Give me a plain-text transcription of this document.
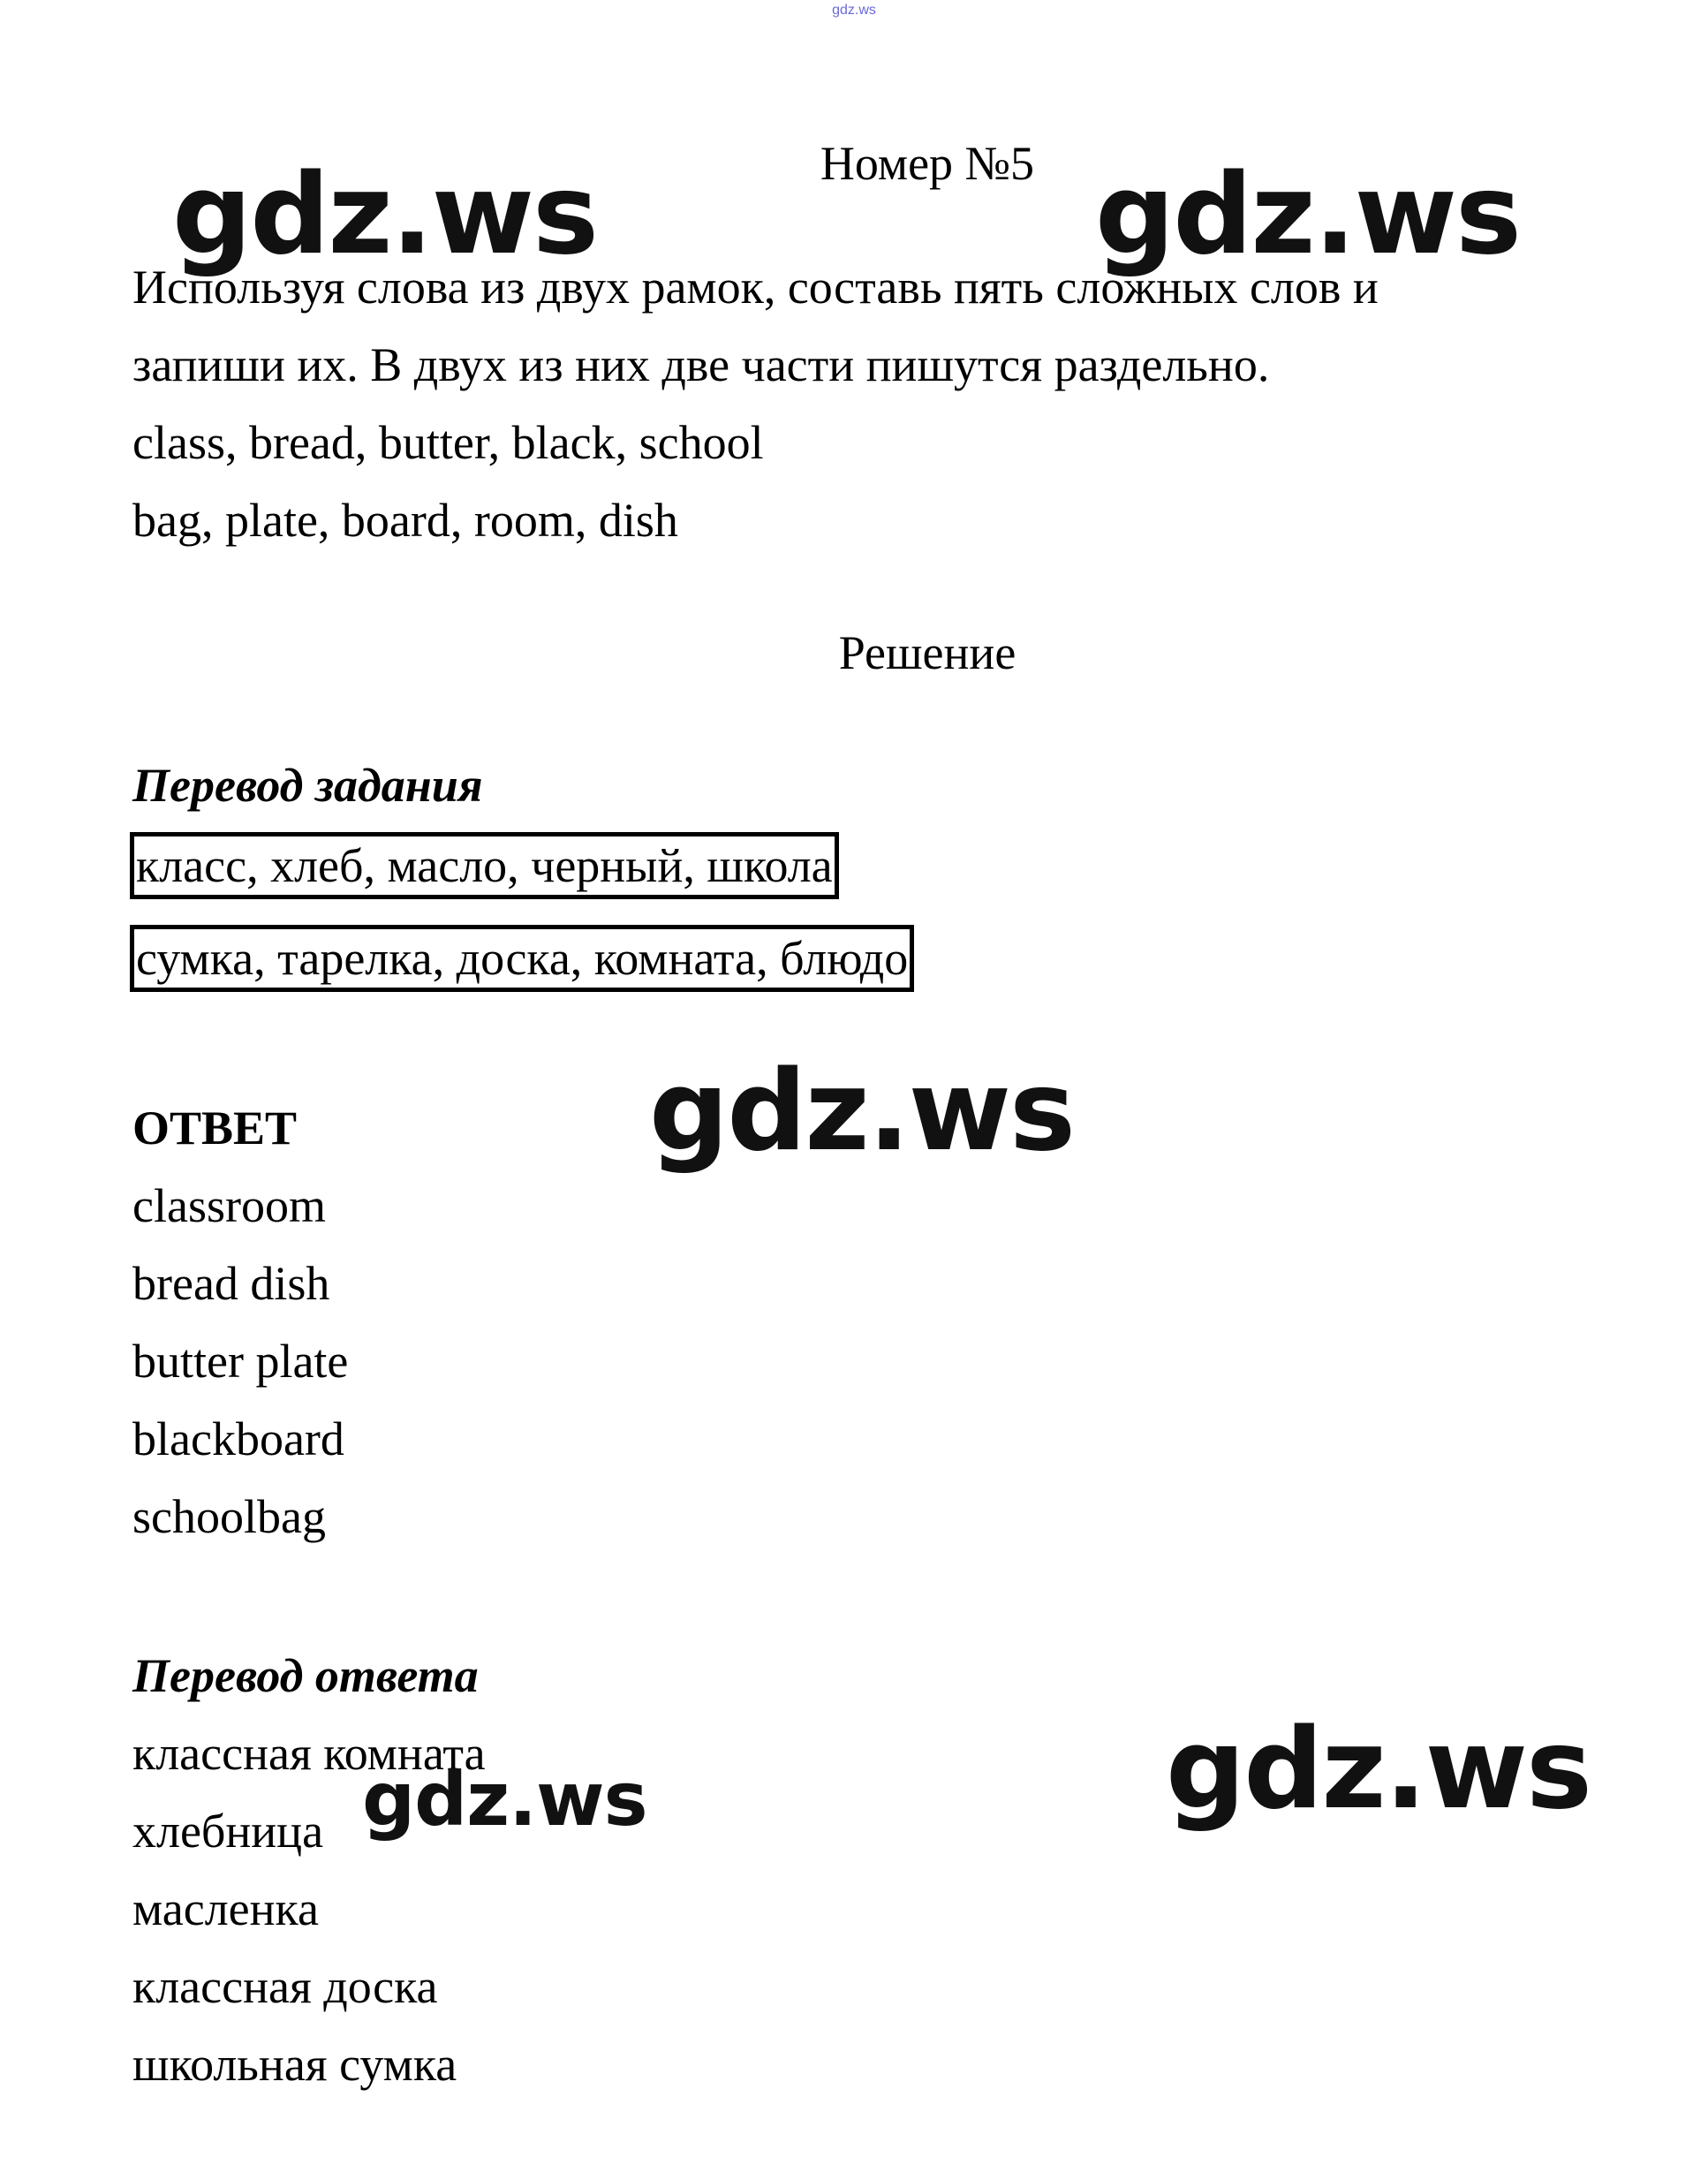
gdz.ws
Номер №5
Используя слова из двух рамок, составь пять сложных слов и
запиши их. В двух из них две части пишутся раздельно.
class, bread, butter, black, school
bag, plate, board, room, dish
Решение
Перевод задания
класс, хлеб, масло, черный, школа
сумка, тарелка, доска, комната, блюдо
ОТВЕТ
classroom
bread dish
butter plate
blackboard
schoolbag
Перевод ответа
классная комната
хлебница
масленка
классная доска
школьная сумка
gdz.ws	gdz.ws
gdz.ws
gdz.ws
gdz.ws
